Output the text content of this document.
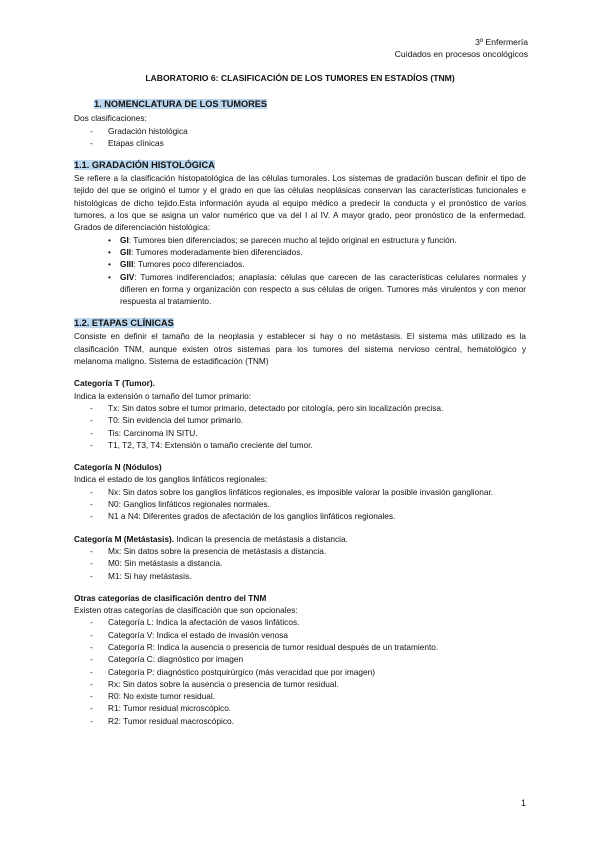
3º Enfermería
Cuidados en procesos oncológicos

LABORATORIO 6: CLASIFICACIÓN DE LOS TUMORES EN ESTADÍOS (TNM)

1. NOMENCLATURA DE LOS TUMORES

Dos clasificaciones:

- Gradación histológica
- Etapas clínicas

1.1. GRADACIÓN HISTOLÓGICA

Se refiere a la clasificación histopatológica de las células tumorales. Los sistemas de gradación buscan definir el tipo de tejido del que se originó el tumor y el grado en que las células neoplásicas conservan las características funcionales e histológicas de dicho tejido.Esta información ayuda al equipo médico a predecir la conducta y el pronóstico de varios tumores, a los que se asigna un valor numérico que va del I al IV. A mayor grado, peor pronóstico de la enfermedad. Grados de diferenciación histológica:

• GI: Tumores bien diferenciados; se parecen mucho al tejido original en estructura y función.
• GII: Tumores moderadamente bien diferenciados.
• GIII: Tumores poco diferenciados.
• GIV: Tumores indiferenciados; anaplasia: células que carecen de las características celulares normales y difieren en forma y organización con respecto a sus células de origen. Tumores más virulentos y con menor respuesta al tratamiento.

1.2. ETAPAS CLÍNICAS

Consiste en definir el tamaño de la neoplasia y establecer si hay o no metástasis. El sistema más utilizado es la clasificación TNM, aunque existen otros sistemas para los tumores del sistema nervioso central, hematológico y melanoma maligno. Sistema de estadificación (TNM)

Categoría T (Tumor).

Indica la extensión o tamaño del tumor primario:

- Tx: Sin datos sobre el tumor primario, detectado por citología, pero sin localización precisa.
- T0: Sin evidencia del tumor primario.
- Tis: Carcinoma IN SITU.
- T1, T2, T3, T4: Extensión o tamaño creciente del tumor.

Categoría N (Nódulos)

Indica el estado de los ganglios linfáticos regionales:

- Nx: Sin datos sobre los ganglios linfáticos regionales, es imposible valorar la posible invasión ganglionar.
- N0: Ganglios linfáticos regionales normales.
- N1 a N4: Diferentes grados de afectación de los ganglios linfáticos regionales.

Categoría M (Metástasis). Indican la presencia de metástasis a distancia.

- Mx: Sin datos sobre la presencia de metástasis a distancia.
- M0: Sin metástasis a distancia.
- M1: Si hay metástasis.

Otras categorías de clasificación dentro del TNM

Existen otras categorías de clasificación que son opcionales:

- Categoría L: Indica la afectación de vasos linfáticos.
- Categoría V: Indica el estado de invasión venosa
- Categoría R: Indica la ausencia o presencia de tumor residual después de un tratamiento.
- Categoría C: diagnóstico por imagen
- Categoría P: diagnóstico postquirúrgico (más veracidad que por imagen)
- Rx: Sin datos sobre la ausencia o presencia de tumor residual.
- R0: No existe tumor residual.
- R1: Tumor residual microscópico.
- R2: Tumor residual macroscópico.
1
